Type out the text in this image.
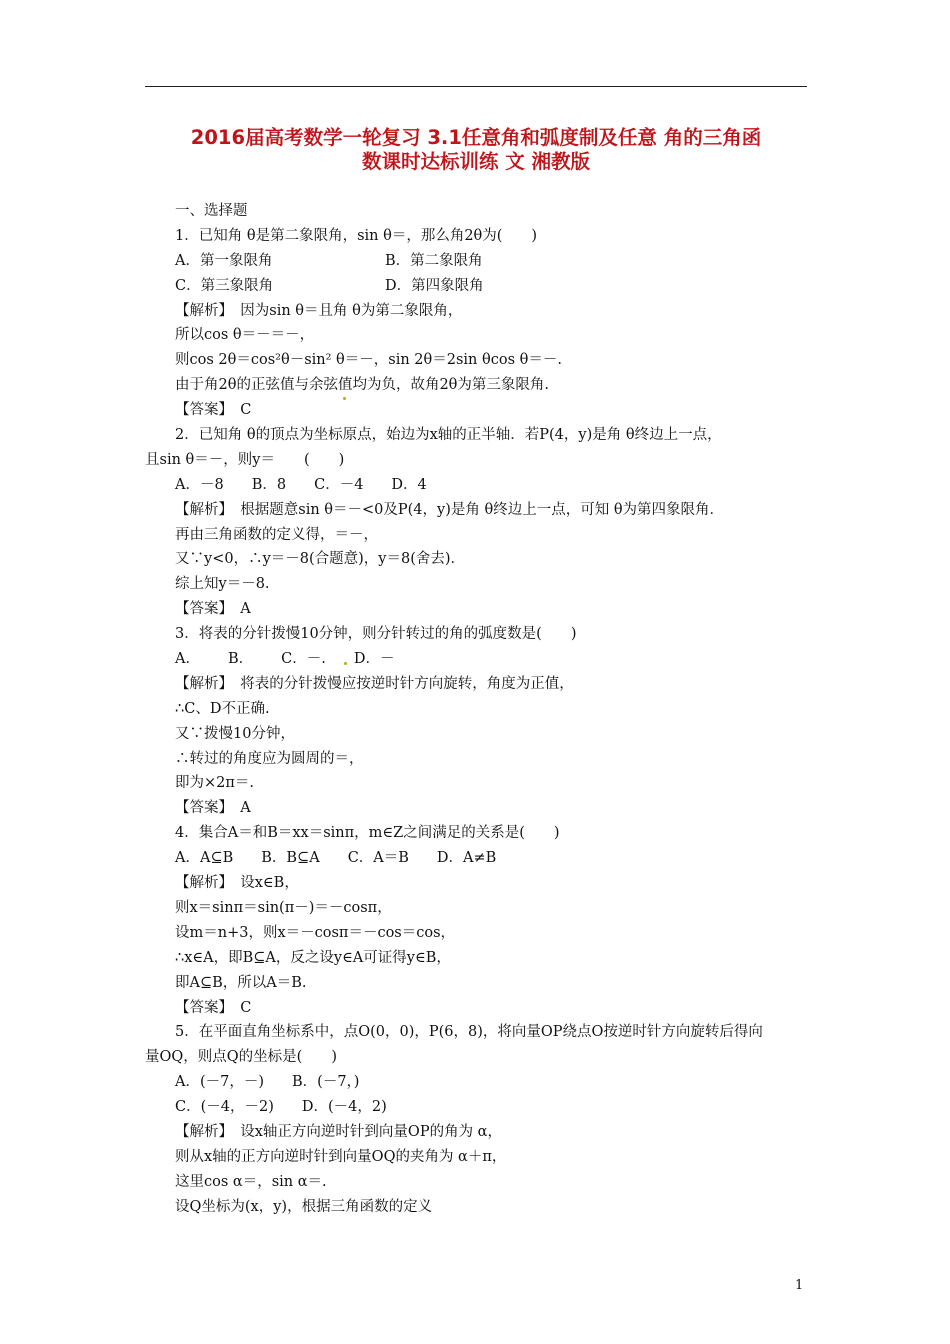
2016届高考数学一轮复习 3.1任意角和弧度制及任意 角的三角函
数课时达标训练 文 湘教版
一、选择题
1．已知角 θ是第二象限角，sin θ＝，那么角2θ为(　　)
A．第一象限角	B．第二象限角
C．第三象限角	D．第四象限角
【解析】　因为sin θ＝且角 θ为第二象限角，
所以cos θ＝－＝－，
则cos 2θ＝cos²θ－sin² θ＝－，sin 2θ＝2sin θcos θ＝－.
由于角2θ的正弦值与余弦值均为负，故角2θ为第三象限角.
【答案】　C
2．已知角 θ的顶点为坐标原点，始边为x轴的正半轴．若P(4，y)是角 θ终边上一点，
且sin θ＝－，则y＝　　(　　)
A．－8 B．8 C．－4 D．4
【解析】　根据题意sin θ＝－<0及P(4，y)是角 θ终边上一点，可知 θ为第四象限角．
再由三角函数的定义得，＝－，
又∵y<0，∴y＝－8(合题意)，y＝8(舍去)．
综上知y＝－8.
【答案】　A
3．将表的分针拨慢10分钟，则分针转过的角的弧度数是(　　)
A． B． C．－. D．－
【解析】　将表的分针拨慢应按逆时针方向旋转，角度为正值，
∴C、D不正确.
又∵拨慢10分钟，
∴转过的角度应为圆周的＝，
即为×2π＝.
【答案】　A
4．集合A＝和B＝xx＝sinπ，m∈Z之间满足的关系是(　　)
A．A⊆B B．B⊆A C．A＝B D．A≠B
【解析】　设x∈B，
则x＝sinπ＝sin(π－)＝－cosπ，
设m＝n+3，则x＝－cosπ＝－cos＝cos，
∴x∈A，即B⊆A，反之设y∈A可证得y∈B，
即A⊆B，所以A＝B.
【答案】　C
5．在平面直角坐标系中，点O(0，0)，P(6，8)，将向量OP绕点O按逆时针方向旋转后得向
量OQ，则点Q的坐标是(　　)
A．(－7，－) B．(－7，)
C．(－4，－2) D．(－4，2)
【解析】　设x轴正方向逆时针到向量OP的角为 α，
则从x轴的正方向逆时针到向量OQ的夹角为 α＋π，
这里cos α＝，sin α＝.
设Q坐标为(x，y)，根据三角函数的定义
1
